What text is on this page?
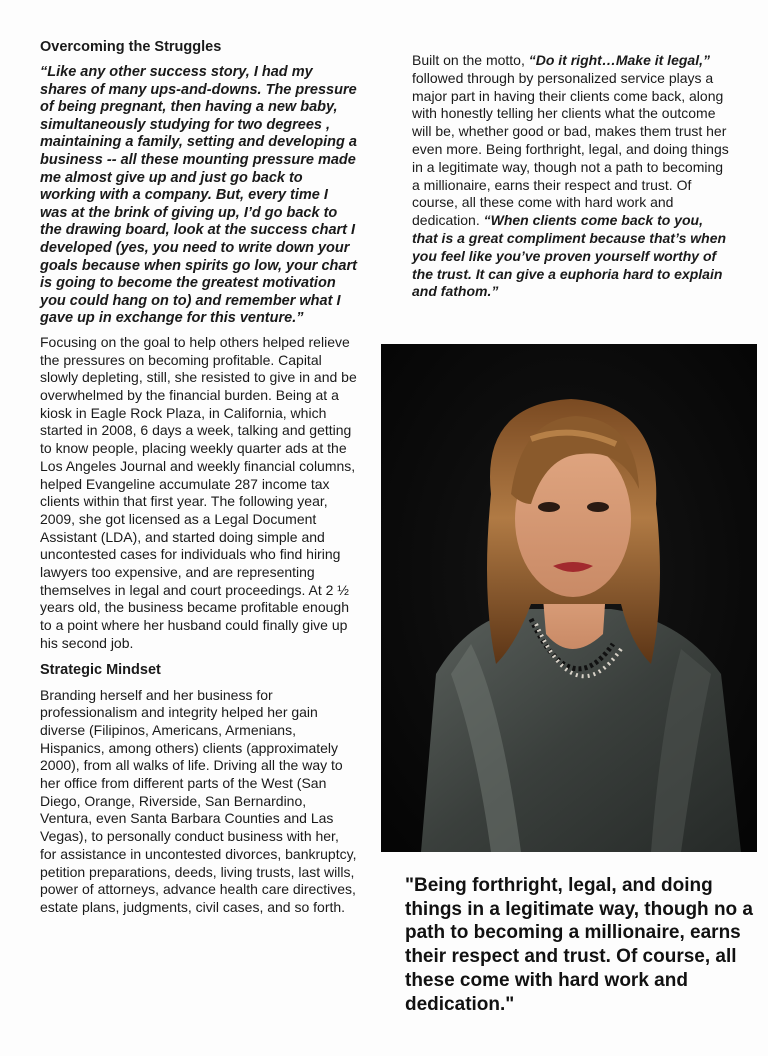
Overcoming the Struggles

“Like any other success story, I had my shares of many ups-and-downs. The pressure of being pregnant, then having a new baby, simultaneously studying for two degrees , maintaining a family, setting and developing a business -- all these mounting pressure made me almost give up and just go back to working with a company. But, every time I was at the brink of giving up, I’d go back to the drawing board, look at the success chart I developed (yes, you need to write down your goals because when spirits go low, your chart is going to become the greatest motivation you could hang on to) and remember what I gave up in exchange for this venture.”

Focusing on the goal to help others helped relieve the pressures on becoming profitable. Capital slowly depleting, still, she resisted to give in and be overwhelmed by the financial burden. Being at a kiosk in Eagle Rock Plaza, in California, which started in 2008, 6 days a week, talking and getting to know people, placing weekly quarter ads at the Los Angeles Journal and weekly financial columns, helped Evangeline accumulate 287 income tax clients within that first year. The following year, 2009, she got licensed as a Legal Document Assistant (LDA), and started doing simple and uncontested cases for individuals who find hiring lawyers too expensive, and are representing themselves in legal and court proceedings. At 2 ½ years old, the business became profitable enough to a point where her husband could finally give up his second job.

Strategic Mindset

Branding herself and her business for professionalism and integrity helped her gain diverse (Filipinos, Americans, Armenians, Hispanics, among others) clients (approximately 2000), from all walks of life. Driving all the way to her office from different parts of the West (San Diego, Orange, Riverside, San Bernardino, Ventura, even Santa Barbara Counties and Las Vegas), to personally conduct business with her, for assistance in uncontested divorces, bankruptcy, petition preparations, deeds, living trusts, last wills, power of attorneys, advance health care directives, estate plans, judgments, civil cases, and so forth.

Built on the motto, “Do it right…Make it legal,” followed through by personalized service plays a major part in having their clients come back, along with honestly telling her clients what the outcome will be, whether good or bad, makes them trust her even more. Being forthright, legal, and doing things in a legitimate way, though not a path to becoming a millionaire, earns their respect and trust. Of course, all these come with hard work and dedication. “When clients come back to you, that is a great compliment because that’s when you feel like you’ve proven yourself worthy of the trust. It can give a euphoria hard to explain and fathom.”

"Being forthright, legal, and doing things in a legitimate way, though no a path to becoming a millionaire, earns their respect and trust. Of course, all these come with hard work and dedication."
